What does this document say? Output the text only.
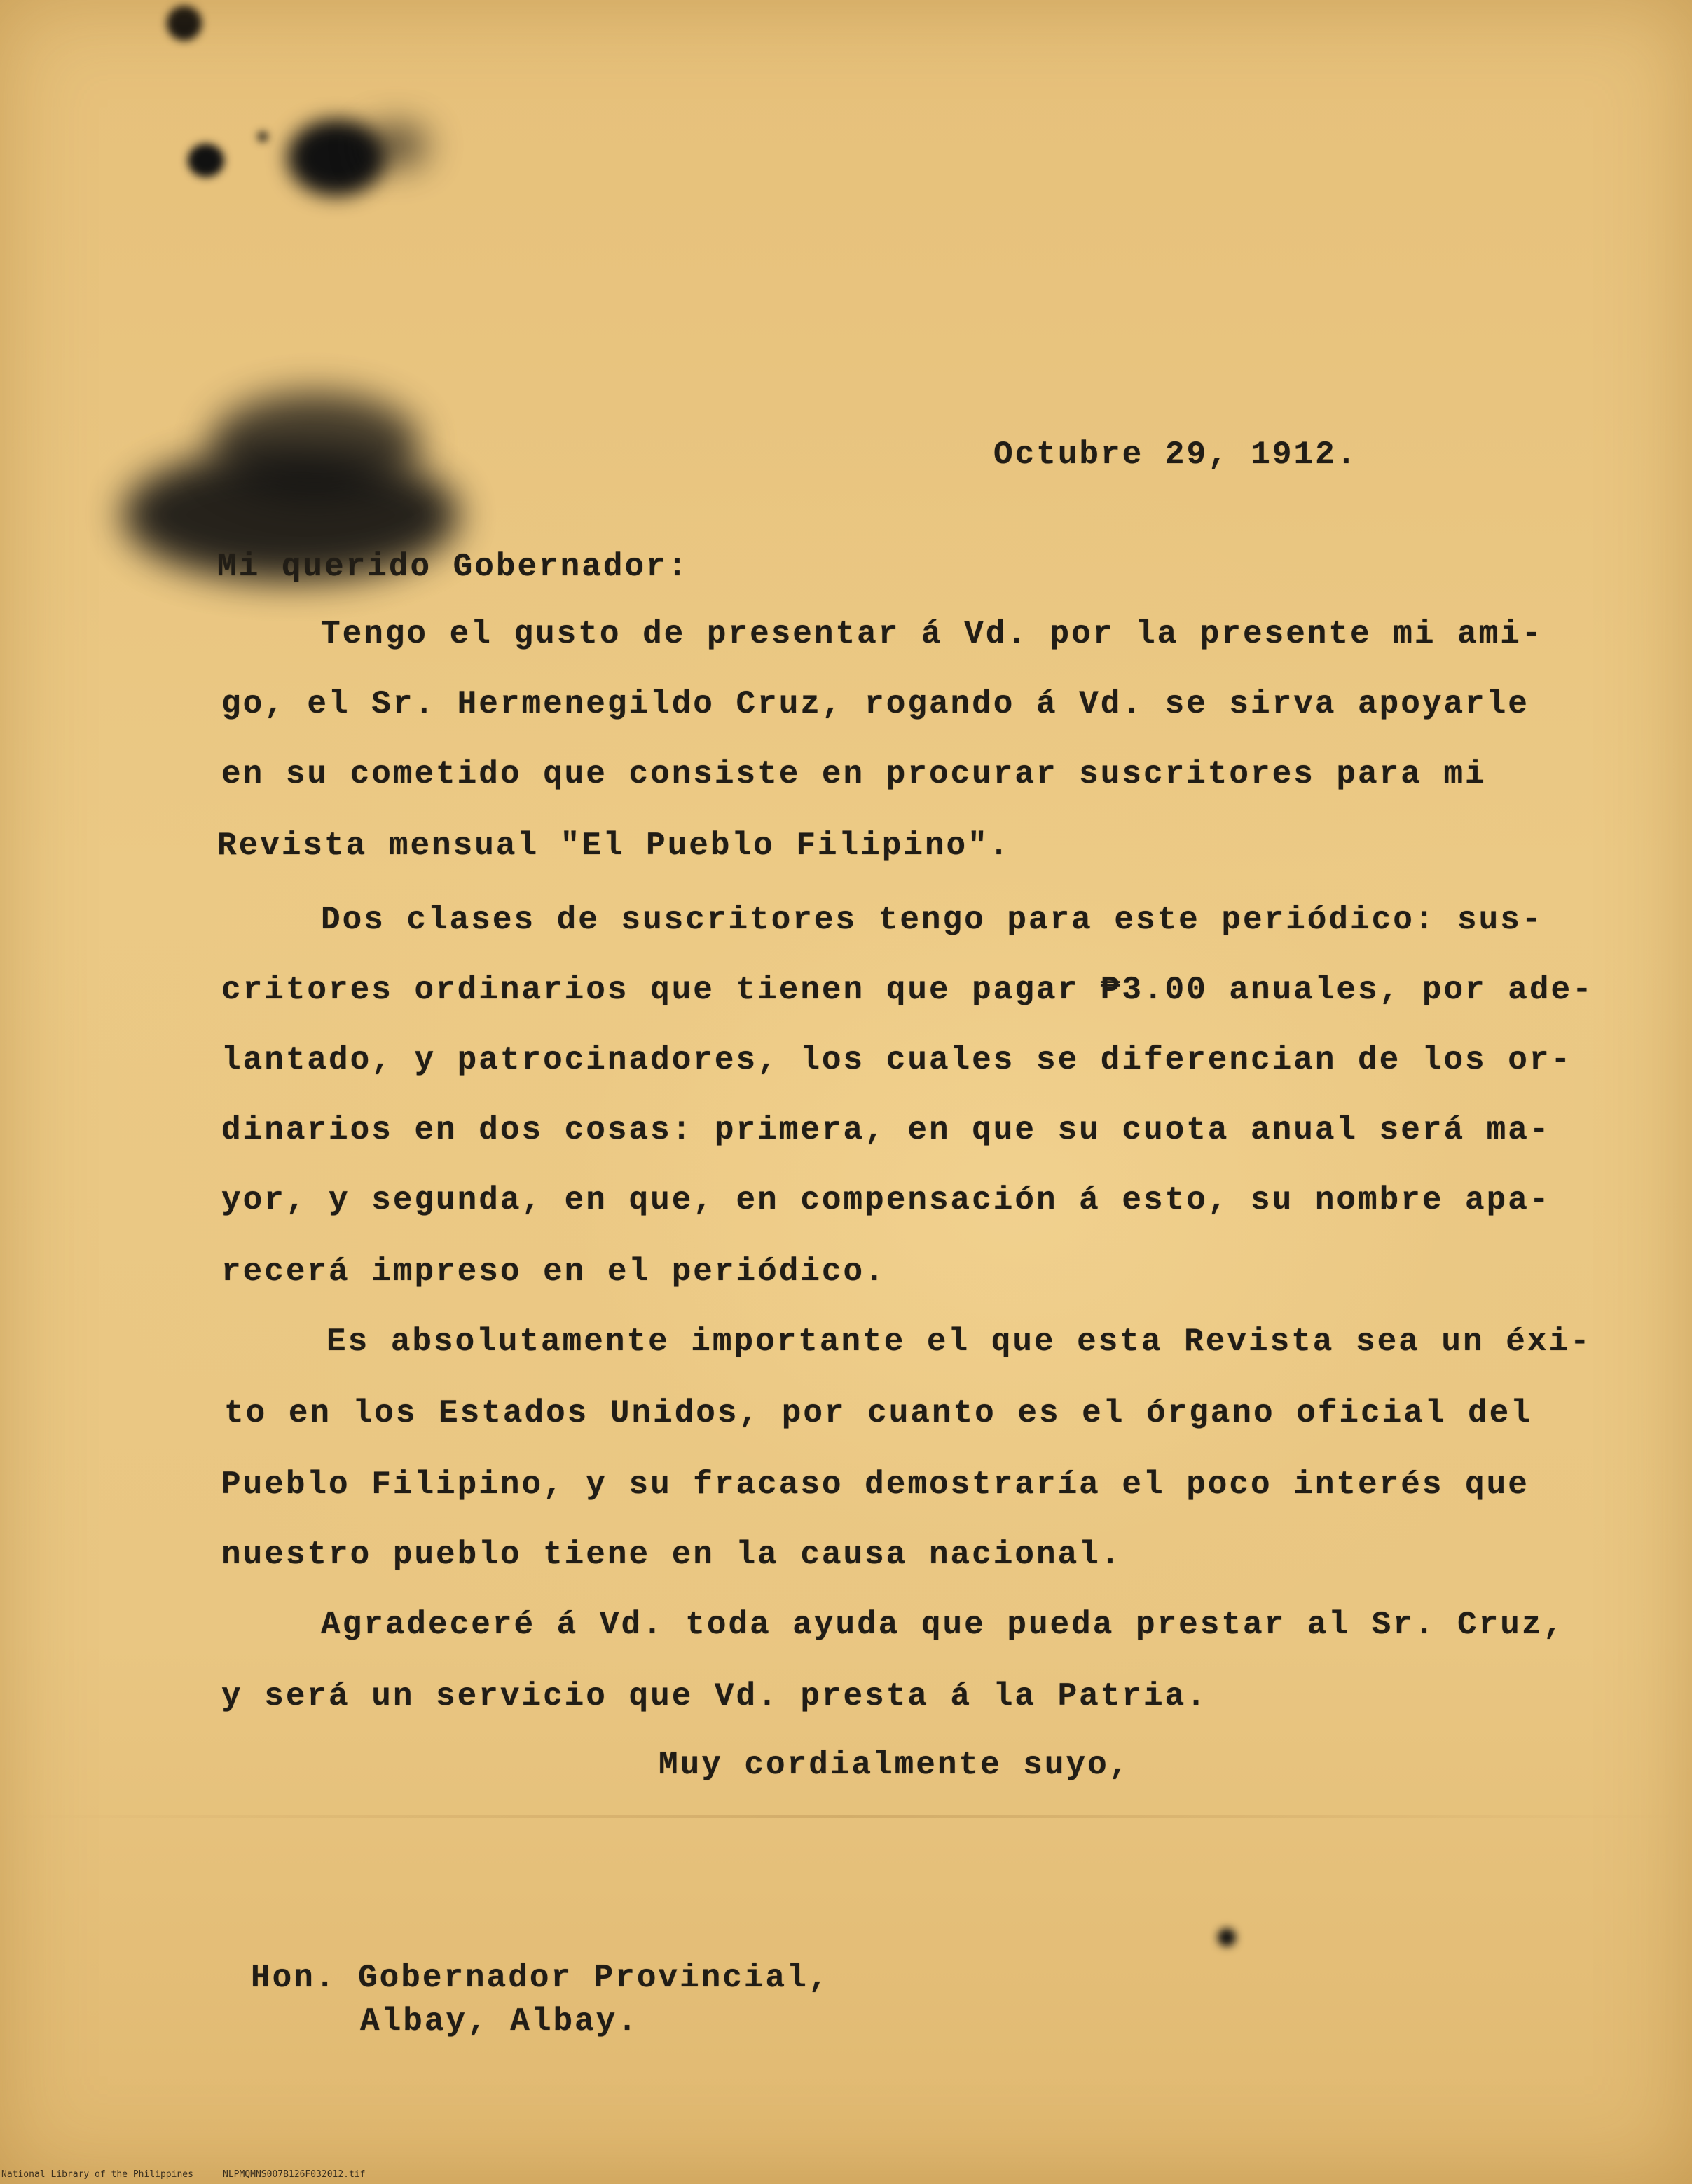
Octubre 29, 1912.
Mi querido Gobernador:
Tengo el gusto de presentar á Vd. por la presente mi ami-
go, el Sr. Hermenegildo Cruz, rogando á Vd. se sirva apoyarle
en su cometido que consiste en procurar suscritores para mi
Revista mensual "El Pueblo Filipino".
Dos clases de suscritores tengo para este periódico: sus-
critores ordinarios que tienen que pagar ₱3.00 anuales, por ade-
lantado, y patrocinadores, los cuales se diferencian de los or-
dinarios en dos cosas: primera, en que su cuota anual será ma-
yor, y segunda, en que, en compensación á esto, su nombre apa-
recerá impreso en el periódico.
Es absolutamente importante el que esta Revista sea un éxi-
to en los Estados Unidos, por cuanto es el órgano oficial del
Pueblo Filipino, y su fracaso demostraría el poco interés que
nuestro pueblo tiene en la causa nacional.
Agradeceré á Vd. toda ayuda que pueda prestar al Sr. Cruz,
y será un servicio que Vd. presta á la Patria.
Muy cordialmente suyo,
Hon. Gobernador Provincial,
Albay, Albay.
National Library of the Philippines	NLPMQMNS007B126F032012.tif
